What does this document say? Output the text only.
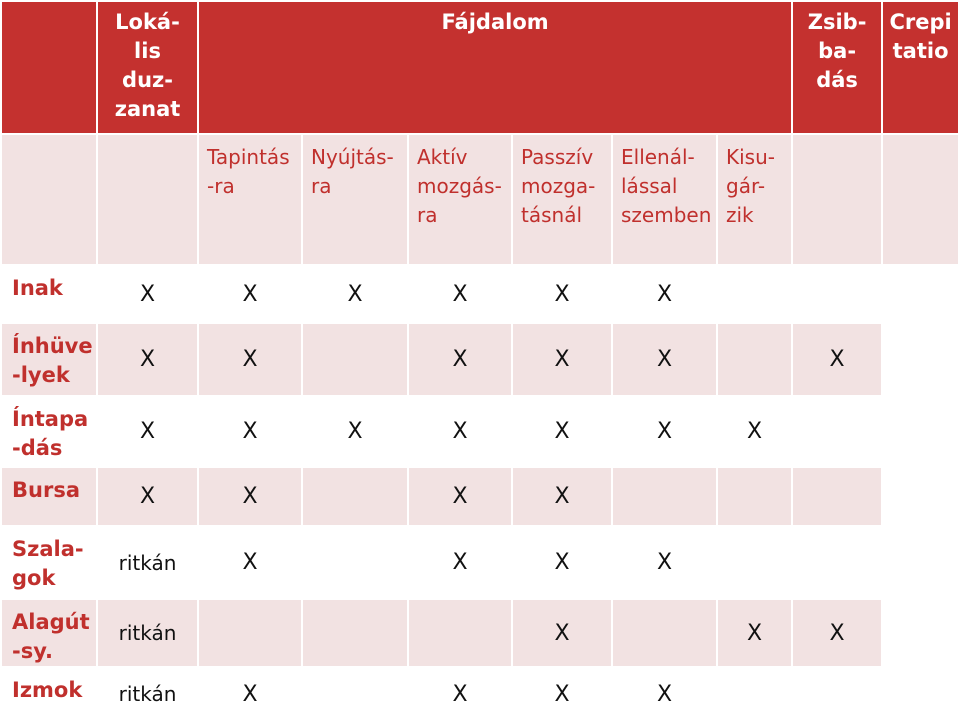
	Loká-
lis
duz-
zanat	Fájdalom						Zsib-
ba-
dás	Crepi
tatio
		Tapintás
-ra	Nyújtás-
ra	Aktív
mozgás-
ra	Passzív
mozga-
tásnál	Ellenál-
lással
szemben	Kisu-
gár-
zik		
Inak	X	X	X	X	X	X			
Ínhüve
-lyek	X	X		X	X	X		X	
Íntapa
-dás	X	X	X	X	X	X	X		
Bursa	X	X		X	X				
Szala-
gok	ritkán	X		X	X	X			
Alagút
-sy.	ritkán				X		X	X	
Izmok	ritkán	X		X	X	X			
